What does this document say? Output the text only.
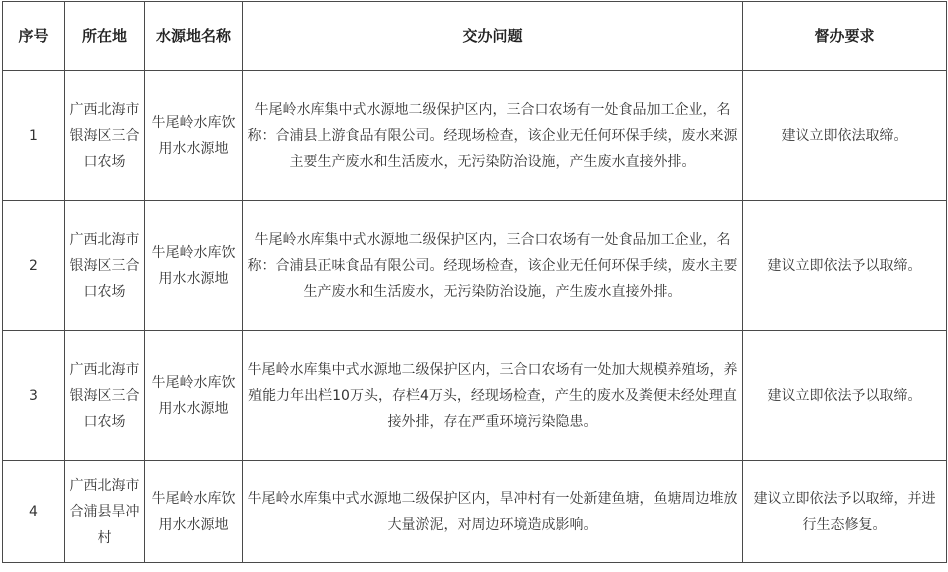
序号	所在地	水源地名称	交办问题	督办要求
1	广西北海市银海区三合口农场	牛尾岭水库饮用水水源地	牛尾岭水库集中式水源地二级保护区内，三合口农场有一处食品加工企业，名称：合浦县上游食品有限公司。经现场检查，该企业无任何环保手续，废水来源主要生产废水和生活废水，无污染防治设施，产生废水直接外排。	建议立即依法取缔。
2	广西北海市银海区三合口农场	牛尾岭水库饮用水水源地	牛尾岭水库集中式水源地二级保护区内，三合口农场有一处食品加工企业，名称：合浦县正味食品有限公司。经现场检查，该企业无任何环保手续，废水主要生产废水和生活废水，无污染防治设施，产生废水直接外排。	建议立即依法予以取缔。
3	广西北海市银海区三合口农场	牛尾岭水库饮用水水源地	牛尾岭水库集中式水源地二级保护区内，三合口农场有一处加大规模养殖场，养殖能力年出栏10万头，存栏4万头，经现场检查，产生的废水及粪便未经处理直接外排，存在严重环境污染隐患。	建议立即依法予以取缔。
4	广西北海市合浦县旱冲村	牛尾岭水库饮用水水源地	牛尾岭水库集中式水源地二级保护区内，旱冲村有一处新建鱼塘，鱼塘周边堆放大量淤泥，对周边环境造成影响。	建议立即依法予以取缔，并进行生态修复。
